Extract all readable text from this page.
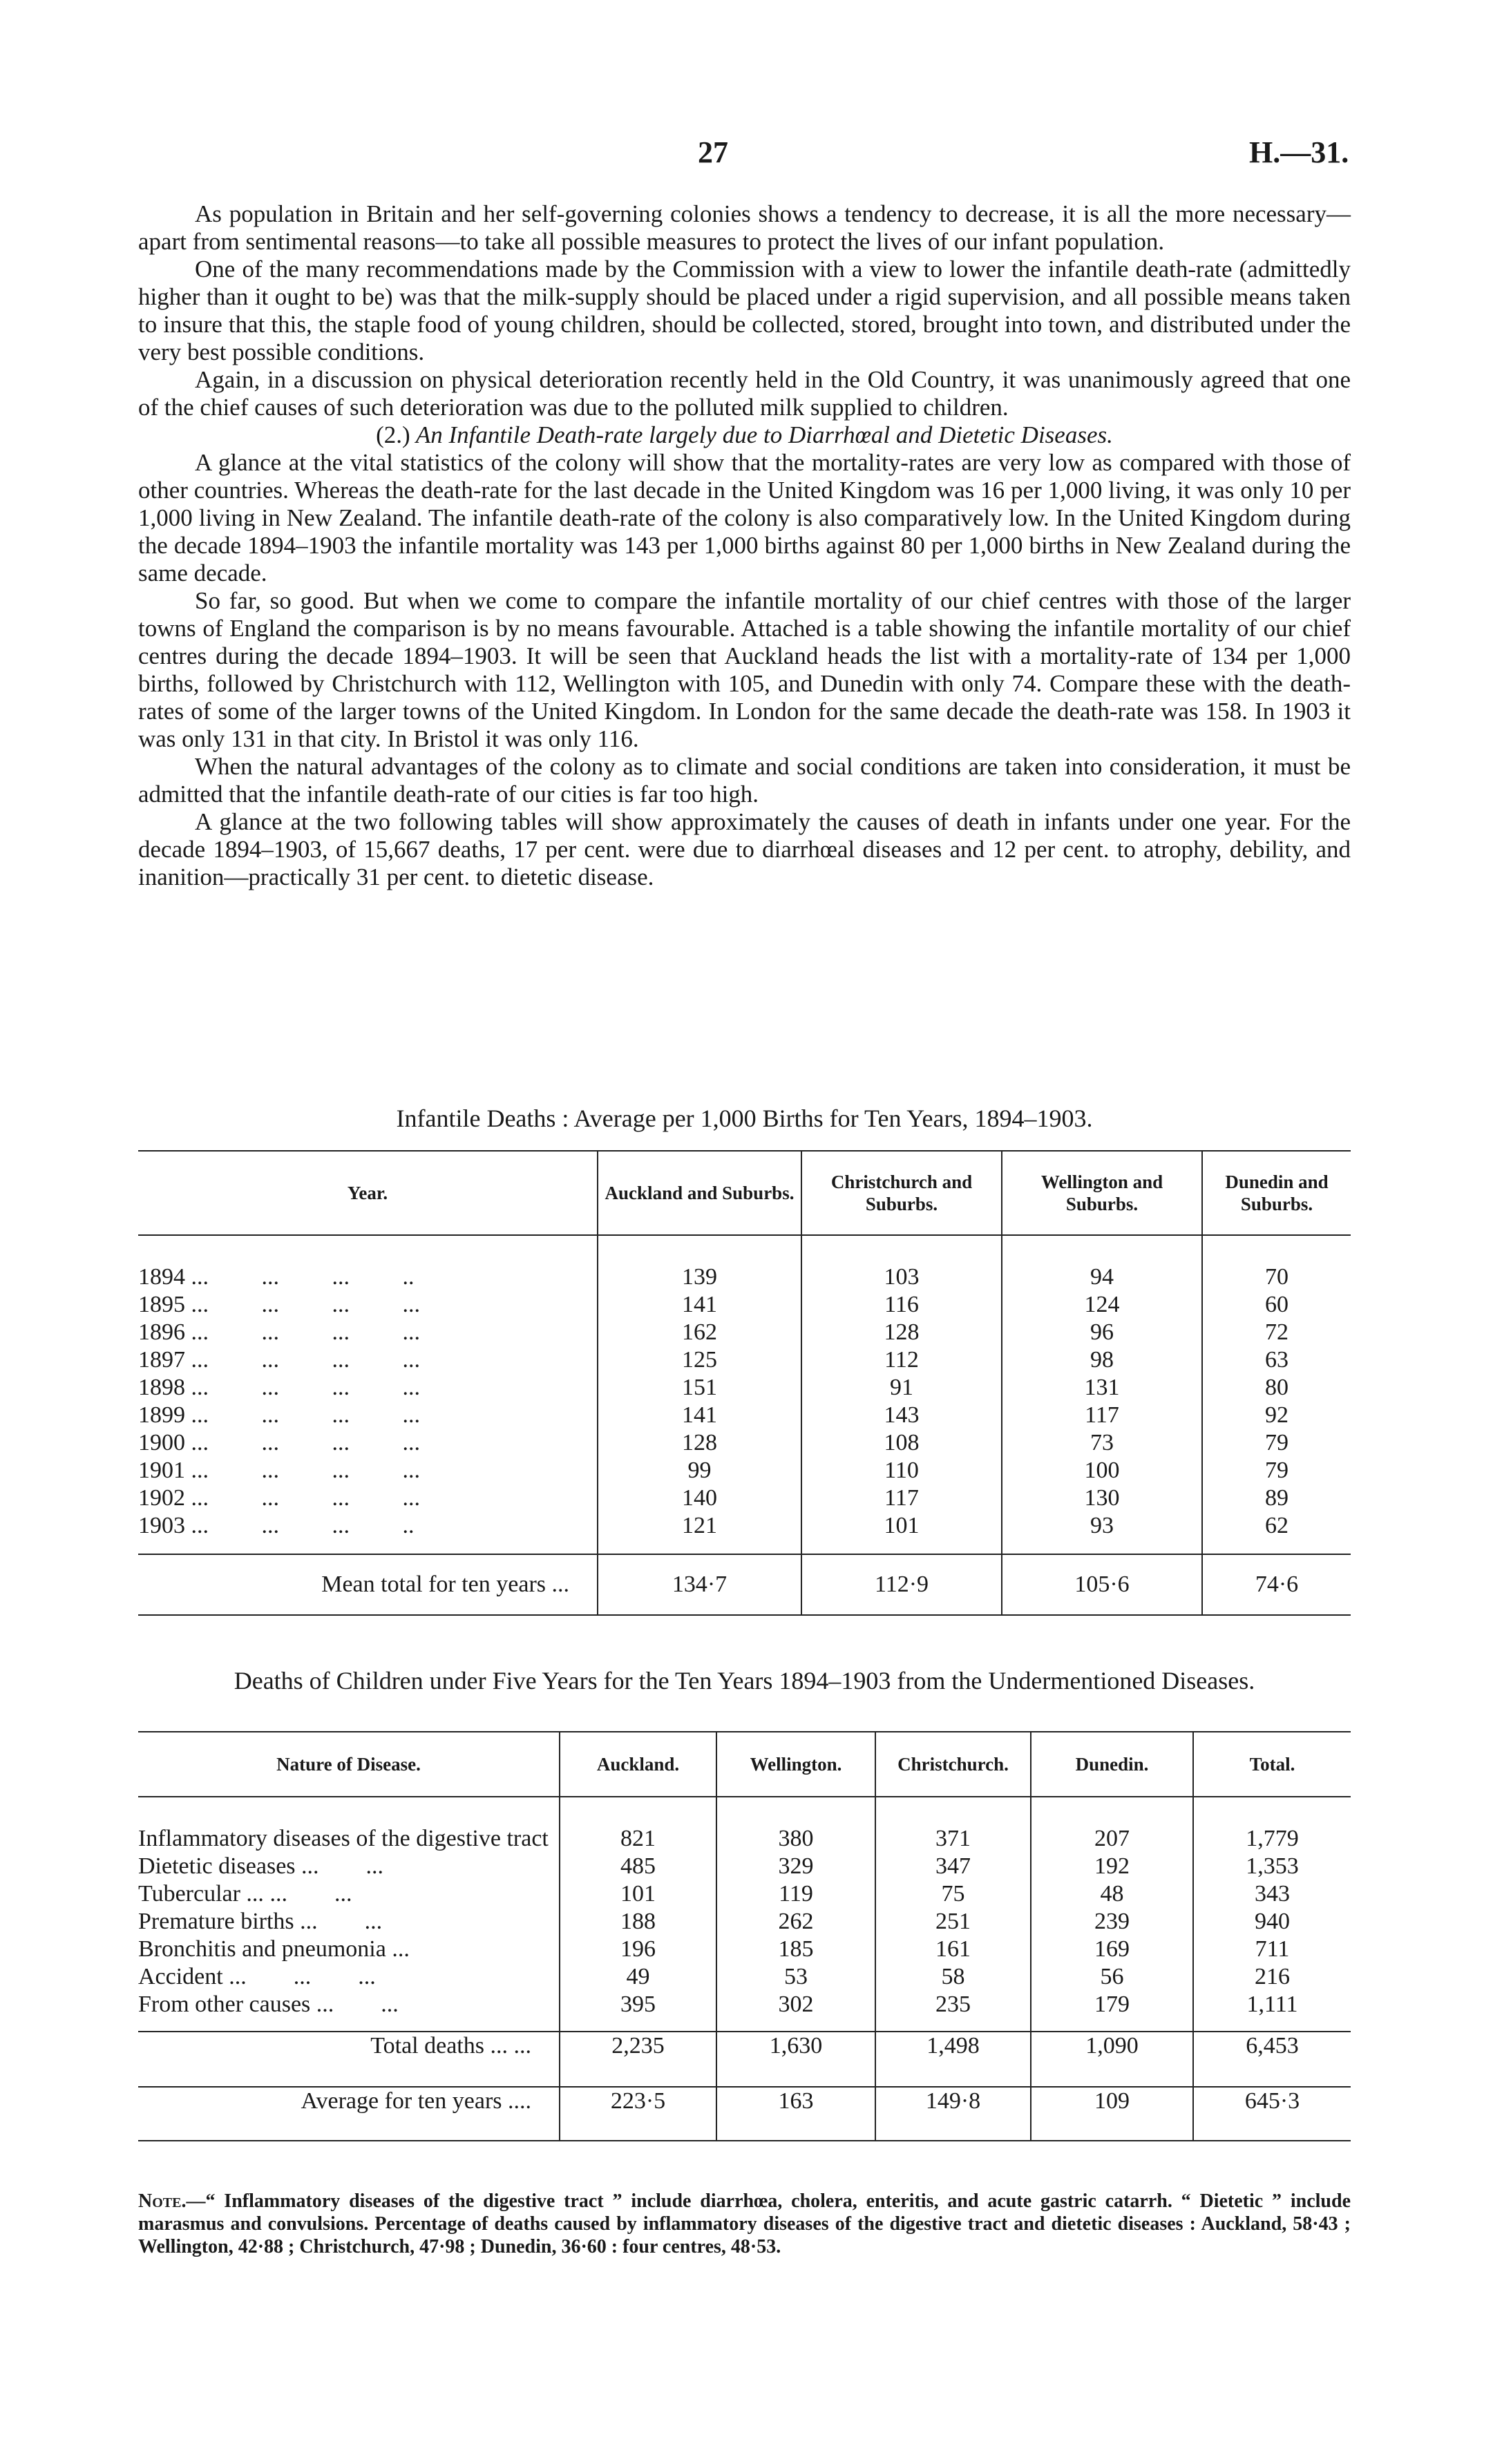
27	H.—31.

As population in Britain and her self-governing colonies shows a tendency to decrease, it is all the more necessary—apart from sentimental reasons—to take all possible measures to protect the lives of our infant population.

One of the many recommendations made by the Commission with a view to lower the infantile death-rate (admittedly higher than it ought to be) was that the milk-supply should be placed under a rigid supervision, and all possible means taken to insure that this, the staple food of young children, should be collected, stored, brought into town, and distributed under the very best possible conditions.

Again, in a discussion on physical deterioration recently held in the Old Country, it was unanimously agreed that one of the chief causes of such deterioration was due to the polluted milk supplied to children.

(2.) An Infantile Death-rate largely due to Diarrhœal and Dietetic Diseases.

A glance at the vital statistics of the colony will show that the mortality-rates are very low as compared with those of other countries. Whereas the death-rate for the last decade in the United Kingdom was 16 per 1,000 living, it was only 10 per 1,000 living in New Zealand. The infantile death-rate of the colony is also comparatively low. In the United Kingdom during the decade 1894–1903 the infantile mortality was 143 per 1,000 births against 80 per 1,000 births in New Zealand during the same decade.

So far, so good. But when we come to compare the infantile mortality of our chief centres with those of the larger towns of England the comparison is by no means favourable. Attached is a table showing the infantile mortality of our chief centres during the decade 1894–1903. It will be seen that Auckland heads the list with a mortality-rate of 134 per 1,000 births, followed by Christchurch with 112, Wellington with 105, and Dunedin with only 74. Compare these with the death-rates of some of the larger towns of the United Kingdom. In London for the same decade the death-rate was 158. In 1903 it was only 131 in that city. In Bristol it was only 116.

When the natural advantages of the colony as to climate and social conditions are taken into consideration, it must be admitted that the infantile death-rate of our cities is far too high.

A glance at the two following tables will show approximately the causes of death in infants under one year. For the decade 1894–1903, of 15,667 deaths, 17 per cent. were due to diarrhœal diseases and 12 per cent. to atrophy, debility, and inanition—practically 31 per cent. to dietetic disease.

Infantile Deaths : Average per 1,000 Births for Ten Years, 1894–1903.
Year.	Auckland and Suburbs.	Christchurch and Suburbs.	Wellington and Suburbs.	Dunedin and Suburbs.
1894 ...         ...         ...         ..	139	103	94	70
1895 ...         ...         ...         ...	141	116	124	60
1896 ...         ...         ...         ...	162	128	96	72
1897 ...         ...         ...         ...	125	112	98	63
1898 ...         ...         ...         ...	151	91	131	80
1899 ...         ...         ...         ...	141	143	117	92
1900 ...         ...         ...         ...	128	108	73	79
1901 ...         ...         ...         ...	99	110	100	79
1902 ...         ...         ...         ...	140	117	130	89
1903 ...         ...         ...         ..	121	101	93	62
Mean total for ten years ...	134·7	112·9	105·6	74·6
Deaths of Children under Five Years for the Ten Years 1894–1903 from the Undermentioned Diseases.
Nature of Disease.	Auckland.	Wellington.	Christchurch.	Dunedin.	Total.
Inflammatory diseases of the digestive tract	821	380	371	207	1,779
Dietetic diseases ...        ...	485	329	347	192	1,353
Tubercular ... ...        ...	101	119	75	48	343
Premature births ...        ...	188	262	251	239	940
Bronchitis and pneumonia ...	196	185	161	169	711
Accident ...        ...        ...	49	53	58	56	216
From other causes ...        ...	395	302	235	179	1,111
Total deaths ... ...	2,235	1,630	1,498	1,090	6,453
Average for ten years ....	223·5	163	149·8	109	645·3
Note.—“ Inflammatory diseases of the digestive tract ” include diarrhœa, cholera, enteritis, and acute gastric catarrh. “ Dietetic ” include marasmus and convulsions. Percentage of deaths caused by inflammatory diseases of the digestive tract and dietetic diseases : Auckland, 58·43 ; Wellington, 42·88 ; Christchurch, 47·98 ; Dunedin, 36·60 : four centres, 48·53.
